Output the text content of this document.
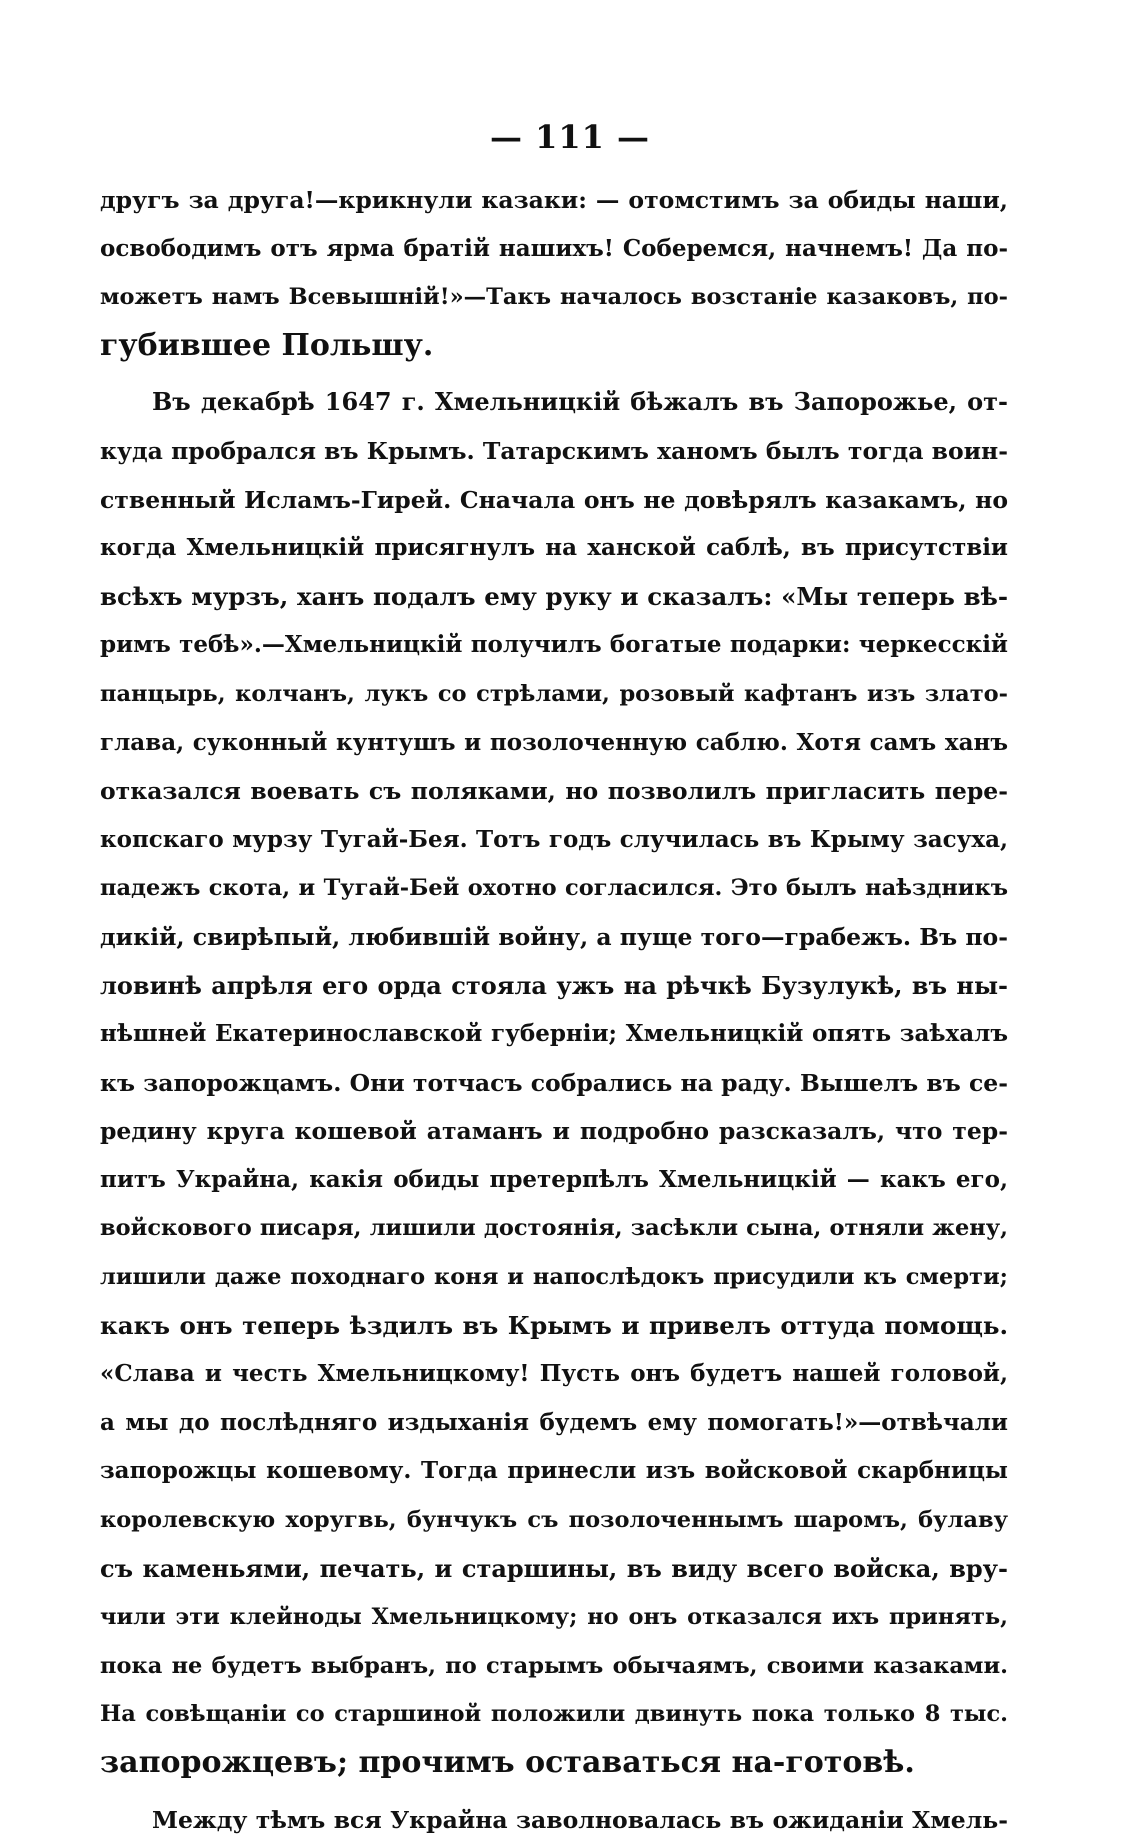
— 111 —
другъ за друга!—крикнули казаки: — отомстимъ за обиды наши,
освободимъ отъ ярма братій нашихъ! Соберемся, начнемъ! Да по-
можетъ намъ Всевышній!»—Такъ началось возстаніе казаковъ, по-
губившее Польшу.
Въ декабрѣ 1647 г. Хмельницкій бѣжалъ въ Запорожье, от-
куда пробрался въ Крымъ. Татарскимъ ханомъ былъ тогда воин-
ственный Исламъ-Гирей. Сначала онъ не довѣрялъ казакамъ, но
когда Хмельницкій присягнулъ на ханской саблѣ, въ присутствіи
всѣхъ мурзъ, ханъ подалъ ему руку и сказалъ: «Мы теперь вѣ-
римъ тебѣ».—Хмельницкій получилъ богатые подарки: черкесскій
панцырь, колчанъ, лукъ со стрѣлами, розовый кафтанъ изъ злато-
глава, суконный кунтушъ и позолоченную саблю. Хотя самъ ханъ
отказался воевать съ поляками, но позволилъ пригласить пере-
копскаго мурзу Тугай-Бея. Тотъ годъ случилась въ Крыму засуха,
падежъ скота, и Тугай-Бей охотно согласился. Это былъ наѣздникъ
дикій, свирѣпый, любившій войну, а пуще того—грабежъ. Въ по-
ловинѣ апрѣля его орда стояла ужъ на рѣчкѣ Бузулукѣ, въ ны-
нѣшней Екатеринославской губерніи; Хмельницкій опять заѣхалъ
къ запорожцамъ. Они тотчасъ собрались на раду. Вышелъ въ се-
редину круга кошевой атаманъ и подробно разсказалъ, что тер-
питъ Украйна, какія обиды претерпѣлъ Хмельницкій — какъ его,
войскового писаря, лишили достоянія, засѣкли сына, отняли жену,
лишили даже походнаго коня и напослѣдокъ присудили къ смерти;
какъ онъ теперь ѣздилъ въ Крымъ и привелъ оттуда помощь.
«Слава и честь Хмельницкому! Пусть онъ будетъ нашей головой,
а мы до послѣдняго издыханія будемъ ему помогать!»—отвѣчали
запорожцы кошевому. Тогда принесли изъ войсковой скарбницы
королевскую хоругвь, бунчукъ съ позолоченнымъ шаромъ, булаву
съ каменьями, печать, и старшины, въ виду всего войска, вру-
чили эти клейноды Хмельницкому; но онъ отказался ихъ принять,
пока не будетъ выбранъ, по старымъ обычаямъ, своими казаками.
На совѣщаніи со старшиной положили двинуть пока только 8 тыс.
запорожцевъ; прочимъ оставаться на-готовѣ.
Между тѣмъ вся Украйна заволновалась въ ожиданіи Хмель-
